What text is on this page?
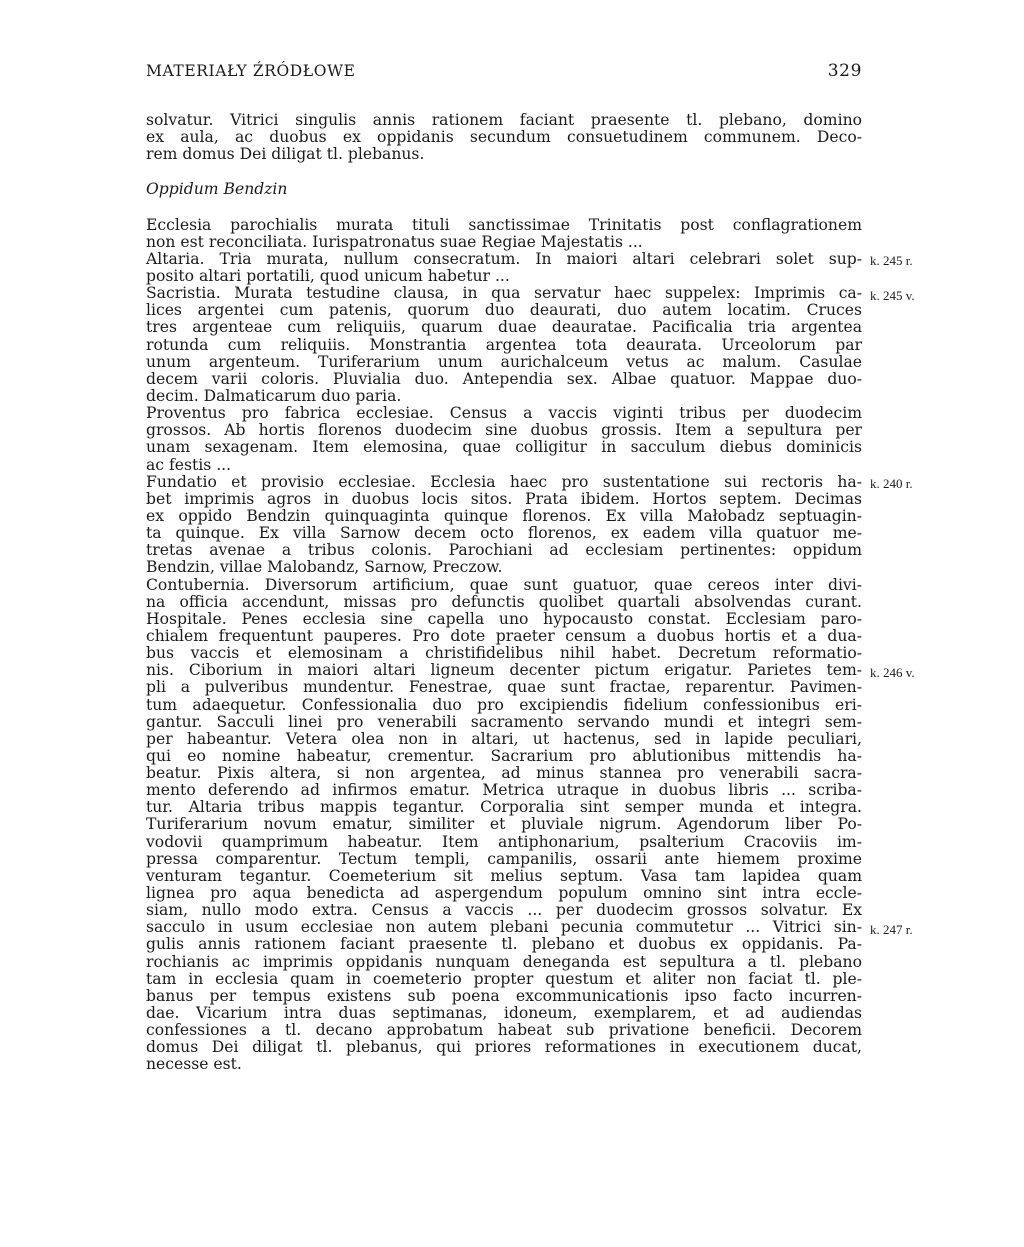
MATERIAŁY ŹRÓDŁOWE	329

solvatur. Vitrici singulis annis rationem faciant praesente tl. plebano, domino

ex aula, ac duobus ex oppidanis secundum consuetudinem communem. Deco-

rem domus Dei diligat tl. plebanus.

Oppidum Bendzin

Ecclesia parochialis murata tituli sanctissimae Trinitatis post conflagrationem

non est reconciliata. Iurispatronatus suae Regiae Majestatis ...

Altaria. Tria murata, nullum consecratum. In maiori altari celebrari solet sup-

posito altari portatili, quod unicum habetur ...

Sacristia. Murata testudine clausa, in qua servatur haec suppelex: Imprimis ca-

lices argentei cum patenis, quorum duo deaurati, duo autem locatim. Cruces

tres argenteae cum reliquiis, quarum duae deauratae. Pacificalia tria argentea

rotunda cum reliquiis. Monstrantia argentea tota deaurata. Urceolorum par

unum argenteum. Turiferarium unum aurichalceum vetus ac malum. Casulae

decem varii coloris. Pluvialia duo. Antependia sex. Albae quatuor. Mappae duo-

decim. Dalmaticarum duo paria.

Proventus pro fabrica ecclesiae. Census a vaccis viginti tribus per duodecim

grossos. Ab hortis florenos duodecim sine duobus grossis. Item a sepultura per

unam sexagenam. Item elemosina, quae colligitur in sacculum diebus dominicis

ac festis ...

Fundatio et provisio ecclesiae. Ecclesia haec pro sustentatione sui rectoris ha-

bet imprimis agros in duobus locis sitos. Prata ibidem. Hortos septem. Decimas

ex oppido Bendzin quinquaginta quinque florenos. Ex villa Małobadz septuagin-

ta quinque. Ex villa Sarnow decem octo florenos, ex eadem villa quatuor me-

tretas avenae a tribus colonis. Parochiani ad ecclesiam pertinentes: oppidum

Bendzin, villae Malobandz, Sarnow, Preczow.

Contubernia. Diversorum artificium, quae sunt guatuor, quae cereos inter divi-

na officia accendunt, missas pro defunctis quolibet quartali absolvendas curant.

Hospitale. Penes ecclesia sine capella uno hypocausto constat. Ecclesiam paro-

chialem frequentunt pauperes. Pro dote praeter censum a duobus hortis et a dua-

bus vaccis et elemosinam a christifidelibus nihil habet. Decretum reformatio-

nis. Ciborium in maiori altari ligneum decenter pictum erigatur. Parietes tem-

pli a pulveribus mundentur. Fenestrae, quae sunt fractae, reparentur. Pavimen-

tum adaequetur. Confessionalia duo pro excipiendis fidelium confessionibus eri-

gantur. Sacculi linei pro venerabili sacramento servando mundi et integri sem-

per habeantur. Vetera olea non in altari, ut hactenus, sed in lapide peculiari,

qui eo nomine habeatur, crementur. Sacrarium pro ablutionibus mittendis ha-

beatur. Pixis altera, si non argentea, ad minus stannea pro venerabili sacra-

mento deferendo ad infirmos ematur. Metrica utraque in duobus libris ... scriba-

tur. Altaria tribus mappis tegantur. Corporalia sint semper munda et integra.

Turiferarium novum ematur, similiter et pluviale nigrum. Agendorum liber Po-

vodovii quamprimum habeatur. Item antiphonarium, psalterium Cracoviis im-

pressa comparentur. Tectum templi, campanilis, ossarii ante hiemem proxime

venturam tegantur. Coemeterium sit melius septum. Vasa tam lapidea quam

lignea pro aqua benedicta ad aspergendum populum omnino sint intra eccle-

siam, nullo modo extra. Census a vaccis ... per duodecim grossos solvatur. Ex

sacculo in usum ecclesiae non autem plebani pecunia commutetur ... Vitrici sin-

gulis annis rationem faciant praesente tl. plebano et duobus ex oppidanis. Pa-

rochianis ac imprimis oppidanis nunquam deneganda est sepultura a tl. plebano

tam in ecclesia quam in coemeterio propter questum et aliter non faciat tl. ple-

banus per tempus existens sub poena excommunicationis ipso facto incurren-

dae. Vicarium intra duas septimanas, idoneum, exemplarem, et ad audiendas

confessiones a tl. decano approbatum habeat sub privatione beneficii. Decorem

domus Dei diligat tl. plebanus, qui priores reformationes in executionem ducat,

necesse est.

k. 245 r.
k. 245 v.
k. 240 r.
k. 246 v.
k. 247 r.
